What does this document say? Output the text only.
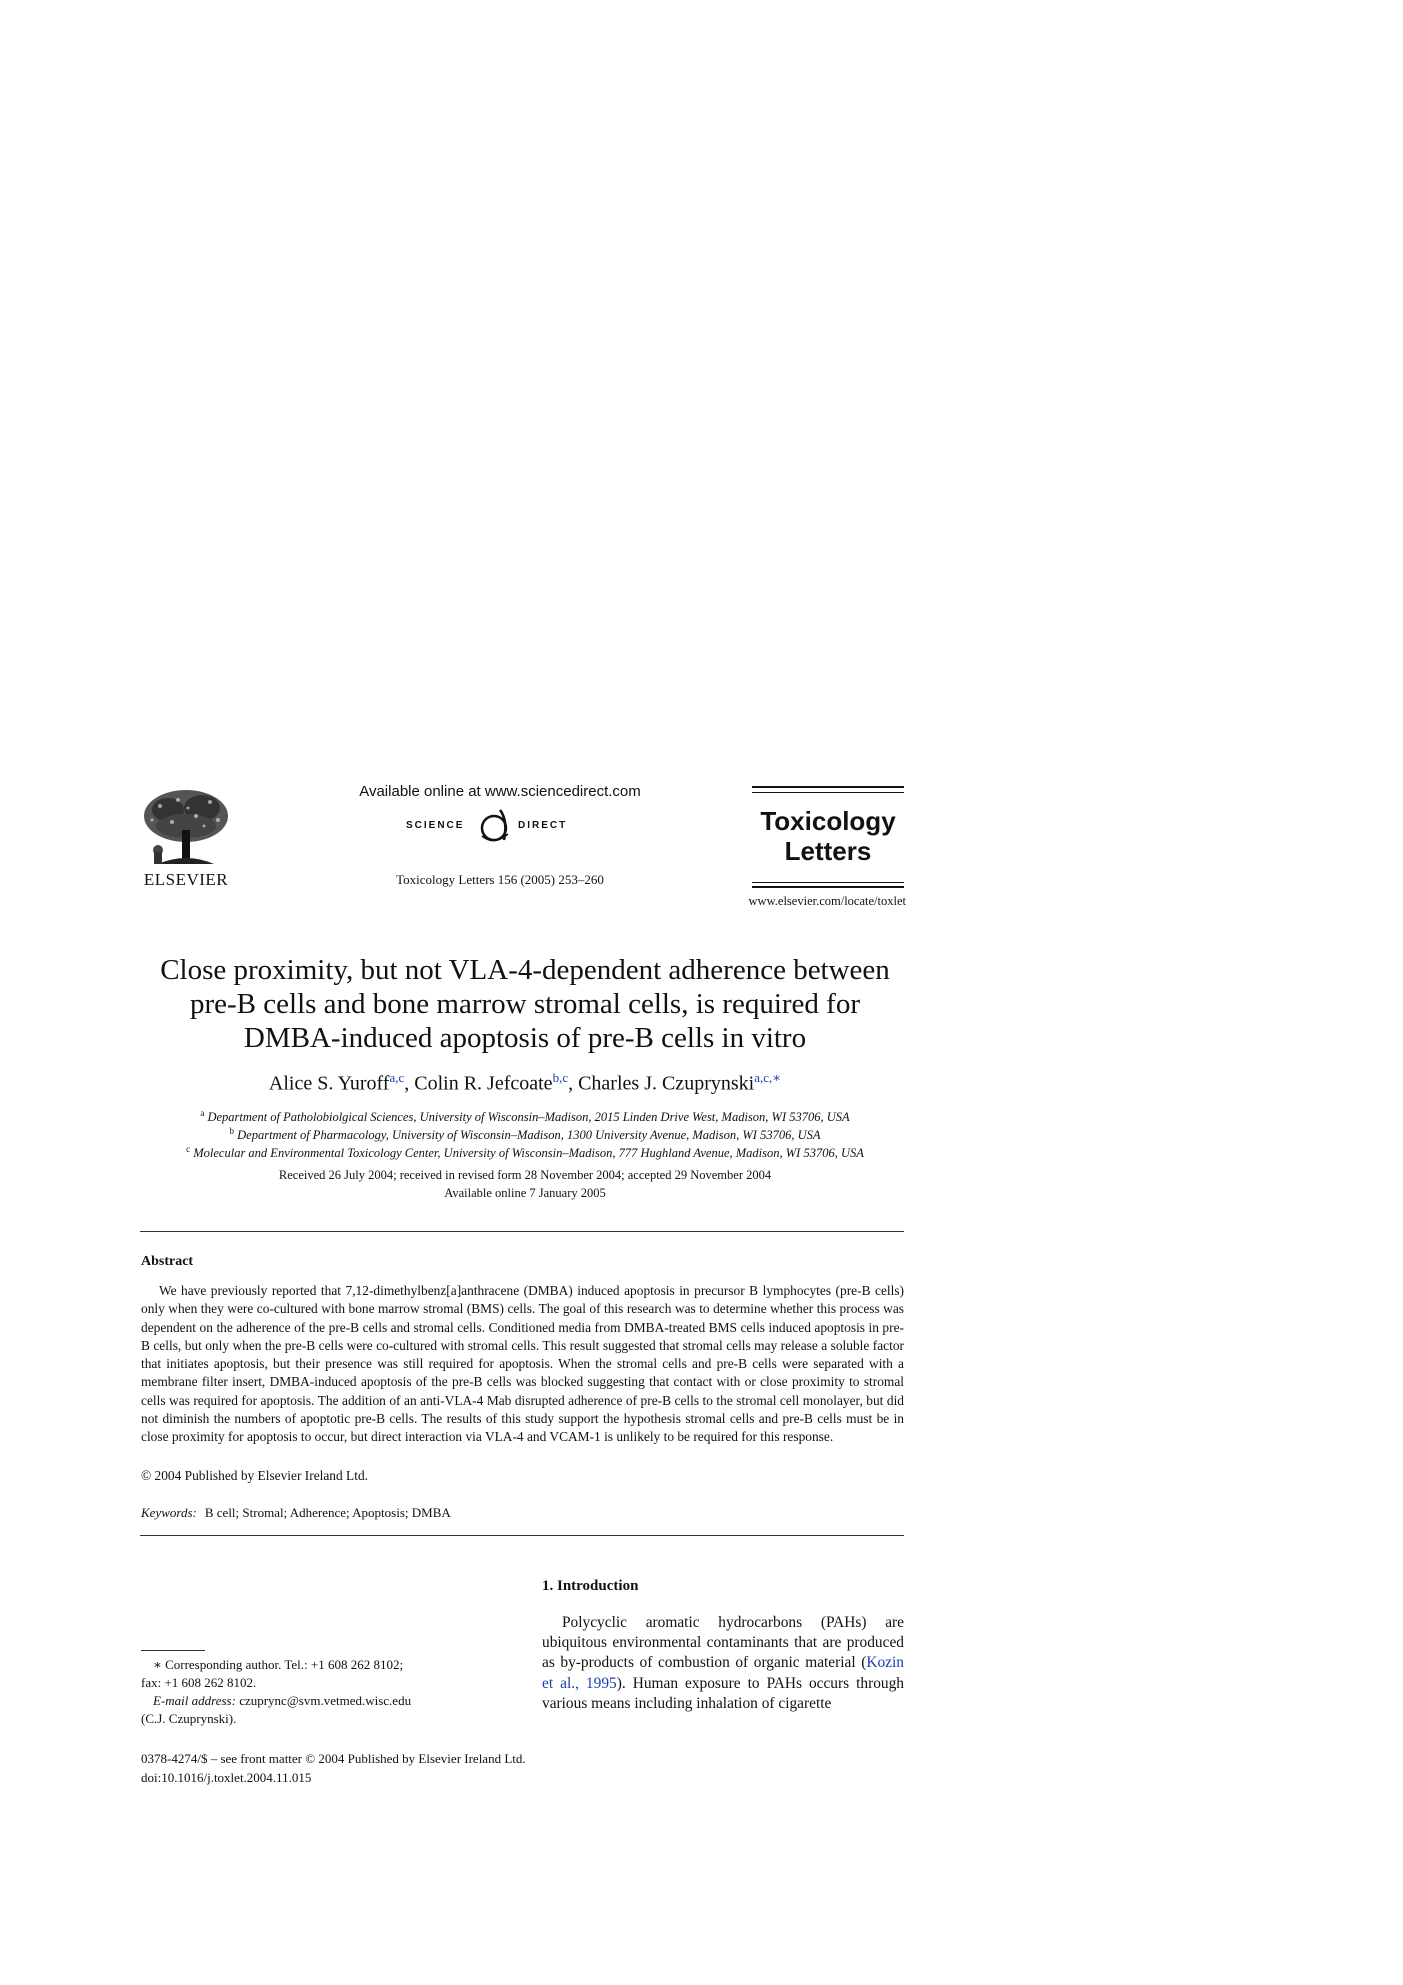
ELSEVIER
Available online at www.sciencedirect.com
SCIENCE	DIRECT
Toxicology Letters 156 (2005) 253–260
Toxicology
Letters
www.elsevier.com/locate/toxlet
Close proximity, but not VLA-4-dependent adherence between
pre-B cells and bone marrow stromal cells, is required for
DMBA-induced apoptosis of pre-B cells in vitro
Alice S. Yuroff$^{a,c}$, Colin R. Jefcoate$^{b,c}$, Charles J. Czuprynski$^{a,c,∗}$
$^a$ Department of Patholobiolgical Sciences, University of Wisconsin–Madison, 2015 Linden Drive West, Madison, WI 53706, USA
$^b$ Department of Pharmacology, University of Wisconsin–Madison, 1300 University Avenue, Madison, WI 53706, USA
$^c$ Molecular and Environmental Toxicology Center, University of Wisconsin–Madison, 777 Hughland Avenue, Madison, WI 53706, USA
Received 26 July 2004; received in revised form 28 November 2004; accepted 29 November 2004
Available online 7 January 2005
Abstract
We have previously reported that 7,12-dimethylbenz[a]anthracene (DMBA) induced apoptosis in precursor B lymphocytes (pre-B cells) only when they were co-cultured with bone marrow stromal (BMS) cells. The goal of this research was to determine whether this process was dependent on the adherence of the pre-B cells and stromal cells. Conditioned media from DMBA-treated BMS cells induced apoptosis in pre-B cells, but only when the pre-B cells were co-cultured with stromal cells. This result suggested that stromal cells may release a soluble factor that initiates apoptosis, but their presence was still required for apoptosis. When the stromal cells and pre-B cells were separated with a membrane filter insert, DMBA-induced apoptosis of the pre-B cells was blocked suggesting that contact with or close proximity to stromal cells was required for apoptosis. The addition of an anti-VLA-4 Mab disrupted adherence of pre-B cells to the stromal cell monolayer, but did not diminish the numbers of apoptotic pre-B cells. The results of this study support the hypothesis stromal cells and pre-B cells must be in close proximity for apoptosis to occur, but direct interaction via VLA-4 and VCAM-1 is unlikely to be required for this response.
© 2004 Published by Elsevier Ireland Ltd.
Keywords: B cell; Stromal; Adherence; Apoptosis; DMBA
1. Introduction
Polycyclic aromatic hydrocarbons (PAHs) are ubiquitous environmental contaminants that are produced as by-products of combustion of organic material (Kozin et al., 1995). Human exposure to PAHs occurs through various means including inhalation of cigarette
∗ Corresponding author. Tel.: +1 608 262 8102;
fax: +1 608 262 8102.
E-mail address: czuprync@svm.vetmed.wisc.edu
(C.J. Czuprynski).
0378-4274/$ – see front matter © 2004 Published by Elsevier Ireland Ltd.
doi:10.1016/j.toxlet.2004.11.015
